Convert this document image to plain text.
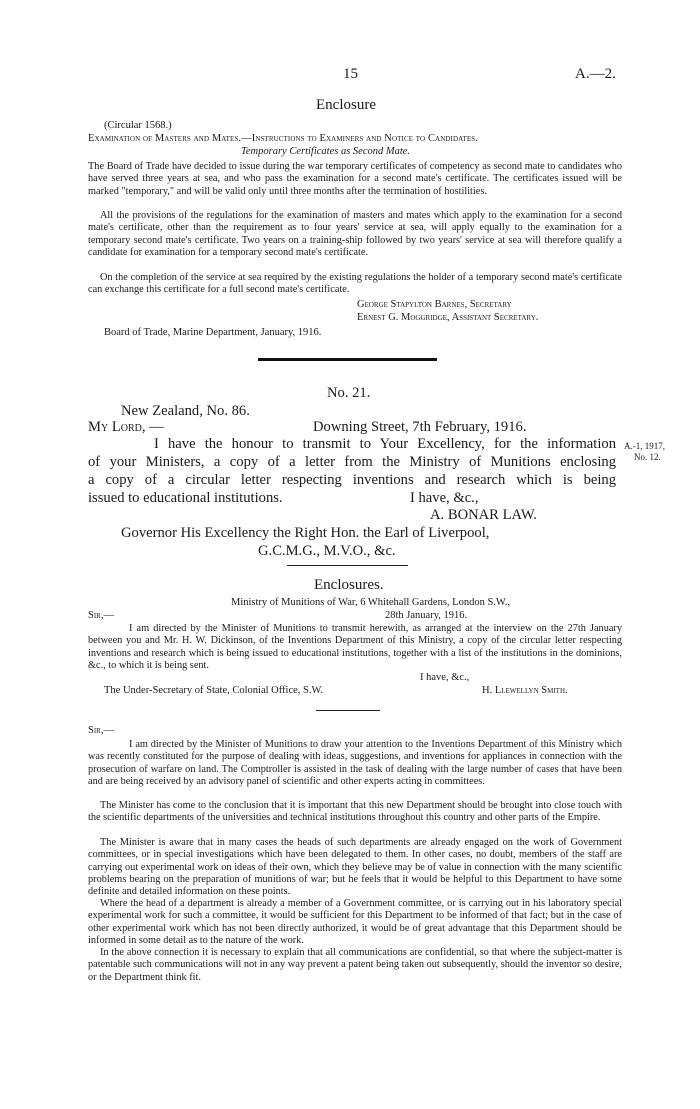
15	A.—2.
Enclosure
(Circular 1568.)
Examination of Masters and Mates.—Instructions to Examiners and Notice to Candidates.
Temporary Certificates as Second Mate.

The Board of Trade have decided to issue during the war temporary certificates of competency as second mate to candidates who have served three years at sea, and who pass the examination for a second mate's certificate. The certificates issued will be marked "temporary," and will be valid only until three months after the termination of hostilities.

All the provisions of the regulations for the examination of masters and mates which apply to the examination for a second mate's certificate, other than the requirement as to four years' service at sea, will apply equally to the examination for a temporary second mate's certificate. Two years on a training-ship followed by two years' service at sea will therefore qualify a candidate for examination for a temporary second mate's certificate.

On the completion of the service at sea required by the existing regulations the holder of a temporary second mate's certificate can exchange this certificate for a full second mate's certificate.

George Stapylton Barnes, Secretary
Ernest G. Moggridge, Assistant Secretary.
Board of Trade, Marine Department, January, 1916.
No. 21.
New Zealand, No. 86.
My Lord, —	Downing Street, 7th February, 1916.
I have the honour to transmit to Your Excellency, for the information
of your Ministers, a copy of a letter from the Ministry of Munitions enclosing
a copy of a circular letter respecting inventions and research which is being
issued to educational institutions.	I have, &c.,
A. BONAR LAW.
Governor His Excellency the Right Hon. the Earl of Liverpool,
G.C.M.G., M.V.O., &c.
A.-1, 1917,
No. 12.
Enclosures.
Ministry of Munitions of War, 6 Whitehall Gardens, London S.W.,
Sir,—	28th January, 1916.

I am directed by the Minister of Munitions to transmit herewith, as arranged at the interview on the 27th January between you and Mr. H. W. Dickinson, of the Inventions Department of this Ministry, a copy of the circular letter respecting inventions and research which is being issued to educational institutions, together with a list of the institutions in the dominions, &c., to which it is being sent.

I have, &c.,
The Under-Secretary of State, Colonial Office, S.W.	H. Llewellyn Smith.
Sir,—

I am directed by the Minister of Munitions to draw your attention to the Inventions Department of this Ministry which was recently constituted for the purpose of dealing with ideas, suggestions, and inventions for appliances in connection with the prosecution of warfare on land. The Comptroller is assisted in the task of dealing with the large number of cases that have been and are being received by an advisory panel of scientific and other experts acting in committees.

The Minister has come to the conclusion that it is important that this new Department should be brought into close touch with the scientific departments of the universities and technical institutions throughout this country and other parts of the Empire.

The Minister is aware that in many cases the heads of such departments are already engaged on the work of Government committees, or in special investigations which have been delegated to them. In other cases, no doubt, members of the staff are carrying out experimental work on ideas of their own, which they believe may be of value in connection with the many scientific problems bearing on the preparation of munitions of war; but he feels that it would be helpful to this Department to have some definite and detailed information on these points.

Where the head of a department is already a member of a Government committee, or is carrying out in his laboratory special experimental work for such a committee, it would be sufficient for this Department to be informed of that fact; but in the case of other experimental work which has not been directly authorized, it would be of great advantage that this Department should be informed in some detail as to the nature of the work.

In the above connection it is necessary to explain that all communications are confidential, so that where the subject-matter is patentable such communications will not in any way prevent a patent being taken out subsequently, should the inventor so desire, or the Department think fit.
